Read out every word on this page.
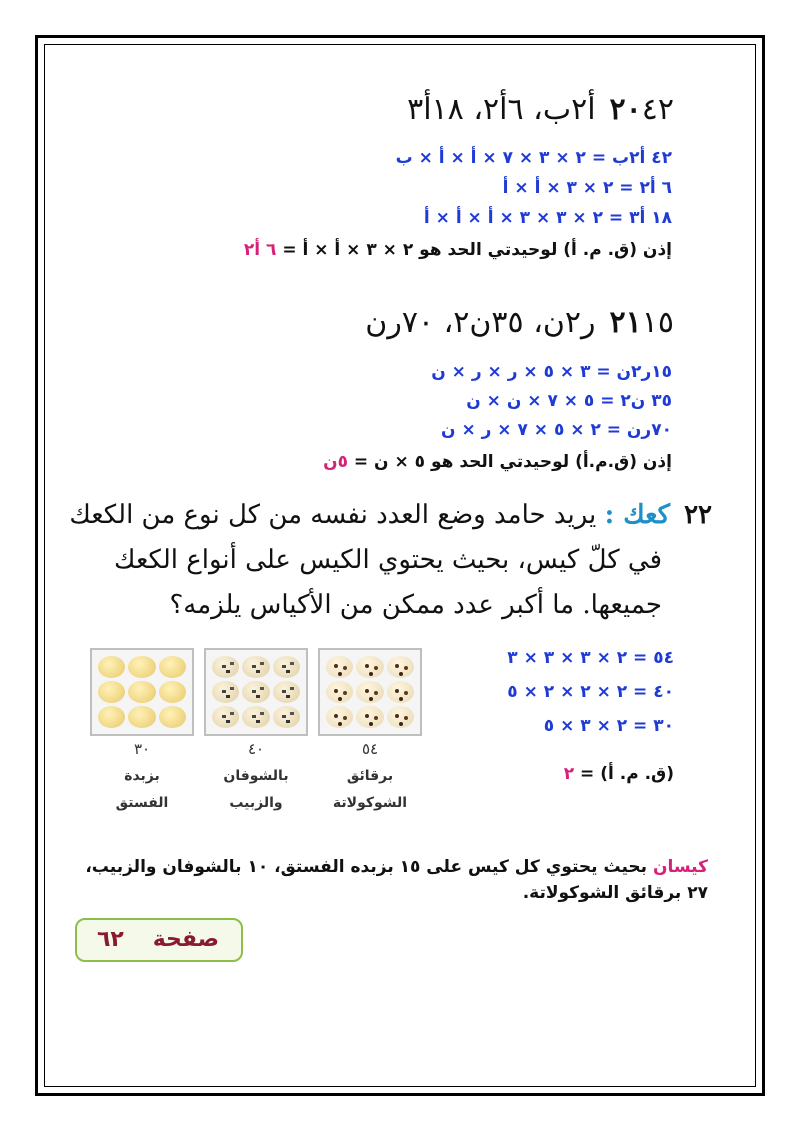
٢٠٤٢أ٢ب، ٦أ٢، ١٨أ٣
٤٢ أ٢ب = ٢ × ٣ × ٧ × أ × أ × ب
٦ أ٢ = ٢ × ٣ × أ × أ
١٨ أ٣ = ٢ × ٣ × ٣ × أ × أ × أ
إذن (ق. م. أ) لوحيدتي الحد هو ٢ × ٣ × أ × أ = ٦ أ٢
٢١١٥ر٢ن، ٣٥ن٢، ٧٠رن
١٥ر٢ن = ٣ × ٥ × ر × ر × ن
٣٥ ن٢ = ٥ × ٧ × ن × ن
٧٠رن = ٢ × ٥ × ٧ × ر × ن
إذن (ق.م.أ) لوحيدتي الحد هو ٥ × ن = ٥ن
٢٢كعك : يريد حامد وضع العدد نفسه من كل نوع من الكعك
في كلّ كيس، بحيث يحتوي الكيس على أنواع الكعك
جميعها. ما أكبر عدد ممكن من الأكياس يلزمه؟
٥٤
٤٠
٣٠
برقائق
الشوكولاتة
بالشوفان
والزبيب
بزبدة
الفستق
٥٤ = ٢ × ٣ × ٣ × ٣
٤٠ = ٢ × ٢ × ٢ × ٥
٣٠ = ٢ × ٣ × ٥
(ق. م. أ) = ٢
كيسان بحيث يحتوي كل كيس على ١٥ بزبده الفستق، ١٠ بالشوفان والزبيب،
٢٧ برقائق الشوكولاتة.
صفحة
٦٢
